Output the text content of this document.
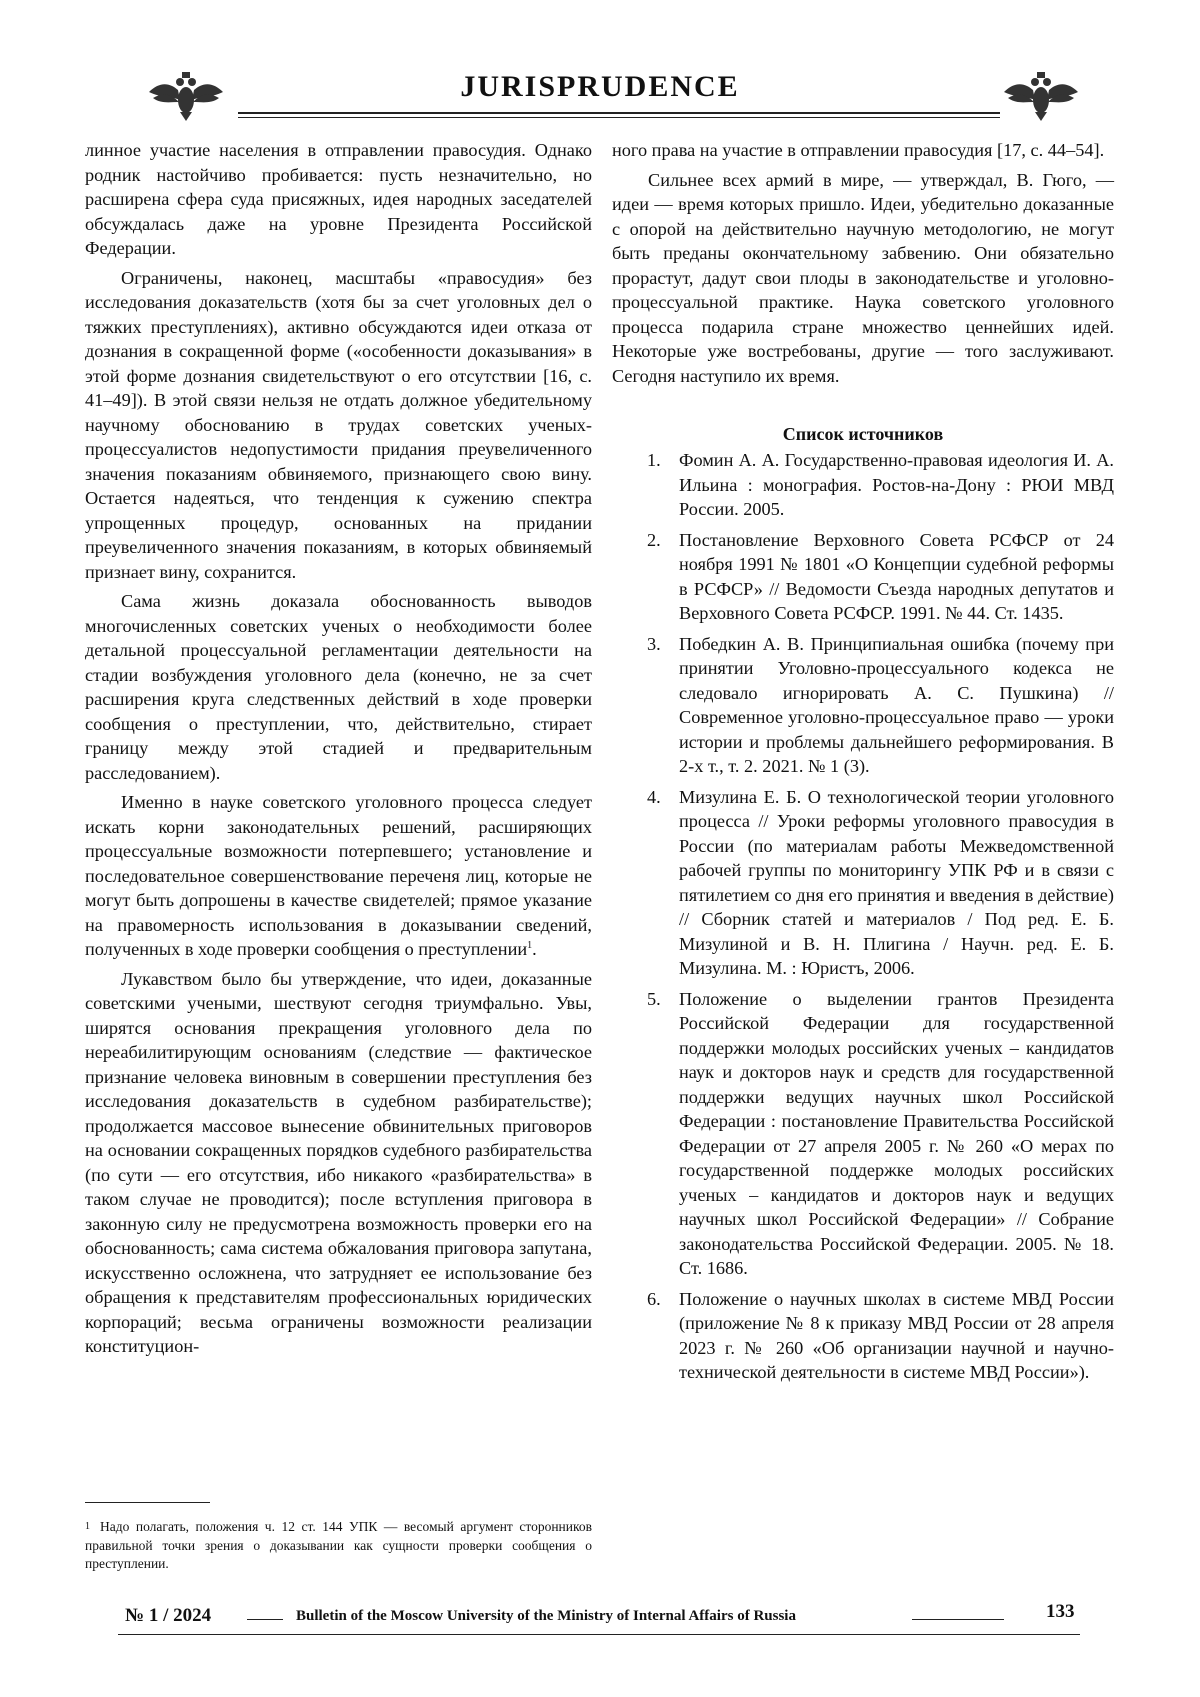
JURISPRUDENCE

линное участие населения в отправлении правосудия. Однако родник настойчиво пробивается: пусть незначительно, но расширена сфера суда присяжных, идея народных заседателей обсуждалась даже на уровне Президента Российской Федерации.

Ограничены, наконец, масштабы «правосудия» без исследования доказательств (хотя бы за счет уголовных дел о тяжких преступлениях), активно обсуждаются идеи отказа от дознания в сокращенной форме («особенности доказывания» в этой форме дознания свидетельствуют о его отсутствии [16, с. 41–49]). В этой связи нельзя не отдать должное убедительному научному обоснованию в трудах советских ученых-процессуалистов недопустимости придания преувеличенного значения показаниям обвиняемого, признающего свою вину. Остается надеяться, что тенденция к сужению спектра упрощенных процедур, основанных на придании преувеличенного значения показаниям, в которых обвиняемый признает вину, сохранится.

Сама жизнь доказала обоснованность выводов многочисленных советских ученых о необходимости более детальной процессуальной регламентации деятельности на стадии возбуждения уголовного дела (конечно, не за счет расширения круга следственных действий в ходе проверки сообщения о преступлении, что, действительно, стирает границу между этой стадией и предварительным расследованием).

Именно в науке советского уголовного процесса следует искать корни законодательных решений, расширяющих процессуальные возможности потерпевшего; установление и последовательное совершенствование переченя лиц, которые не могут быть допрошены в качестве свидетелей; прямое указание на правомерность использования в доказывании сведений, полученных в ходе проверки сообщения о преступлении$^1$.

Лукавством было бы утверждение, что идеи, доказанные советскими учеными, шествуют сегодня триумфально. Увы, ширятся основания прекращения уголовного дела по нереабилитирующим основаниям (следствие — фактическое признание человека виновным в совершении преступления без исследования доказательств в судебном разбирательстве); продолжается массовое вынесение обвинительных приговоров на основании сокращенных порядков судебного разбирательства (по сути — его отсутствия, ибо никакого «разбирательства» в таком случае не проводится); после вступления приговора в законную силу не предусмотрена возможность проверки его на обоснованность; сама система обжалования приговора запутана, искусственно осложнена, что затрудняет ее использование без обращения к представителям профессиональных юридических корпораций; весьма ограничены возможности реализации конституцион-

ного права на участие в отправлении правосудия [17, с. 44–54].

Сильнее всех армий в мире, — утверждал, В. Гюго, — идеи — время которых пришло. Идеи, убедительно доказанные с опорой на действительно научную методологию, не могут быть преданы окончательному забвению. Они обязательно прорастут, дадут свои плоды в законодательстве и уголовно-процессуальной практике. Наука советского уголовного процесса подарила стране множество ценнейших идей. Некоторые уже востребованы, другие — того заслуживают. Сегодня наступило их время.

Список источников
1. Фомин А. А. Государственно-правовая идеология И. А. Ильина : монография. Ростов-на-Дону : РЮИ МВД России. 2005.
2. Постановление Верховного Совета РСФСР от 24 ноября 1991 № 1801 «О Концепции судебной реформы в РСФСР» // Ведомости Съезда народных депутатов и Верховного Совета РСФСР. 1991. № 44. Ст. 1435.
3. Победкин А. В. Принципиальная ошибка (почему при принятии Уголовно-процессуального кодекса не следовало игнорировать А. С. Пушкина) // Современное уголовно-процессуальное право — уроки истории и проблемы дальнейшего реформирования. В 2-х т., т. 2. 2021. № 1 (3).
4. Мизулина Е. Б. О технологической теории уголовного процесса // Уроки реформы уголовного правосудия в России (по материалам работы Межведомственной рабочей группы по мониторингу УПК РФ и в связи с пятилетием со дня его принятия и введения в действие) // Сборник статей и материалов / Под ред. Е. Б. Мизулиной и В. Н. Плигина / Научн. ред. Е. Б. Мизулина. М. : Юристъ, 2006.
5. Положение о выделении грантов Президента Российской Федерации для государственной поддержки молодых российских ученых – кандидатов наук и докторов наук и средств для государственной поддержки ведущих научных школ Российской Федерации : постановление Правительства Российской Федерации от 27 апреля 2005 г. № 260 «О мерах по государственной поддержке молодых российских ученых – кандидатов и докторов наук и ведущих научных школ Российской Федерации» // Собрание законодательства Российской Федерации. 2005. № 18. Ст. 1686.
6. Положение о научных школах в системе МВД России (приложение № 8 к приказу МВД России от 28 апреля 2023 г. № 260 «Об организации научной и научно-технической деятельности в системе МВД России»).
$^1$ Надо полагать, положения ч. 12 ст. 144 УПК — весомый аргумент сторонников правильной точки зрения о доказывании как сущности проверки сообщения о преступлении.
№ 1 / 2024	Bulletin of the Moscow University of the Ministry of Internal Affairs of Russia	133
